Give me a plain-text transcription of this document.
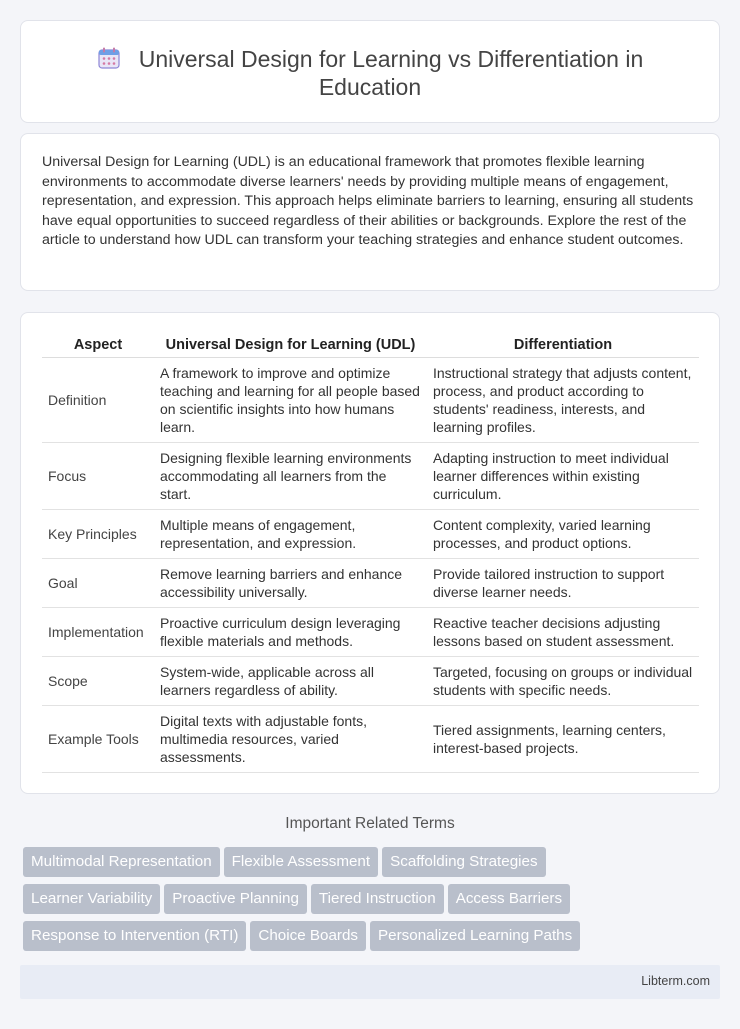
Universal Design for Learning vs Differentiation in Education
Universal Design for Learning (UDL) is an educational framework that promotes flexible learning environments to accommodate diverse learners' needs by providing multiple means of engagement, representation, and expression. This approach helps eliminate barriers to learning, ensuring all students have equal opportunities to succeed regardless of their abilities or backgrounds. Explore the rest of the article to understand how UDL can transform your teaching strategies and enhance student outcomes.
Aspect	Universal Design for Learning (UDL)	Differentiation
Definition	A framework to improve and optimize teaching and learning for all people based on scientific insights into how humans learn.	Instructional strategy that adjusts content, process, and product according to students' readiness, interests, and learning profiles.
Focus	Designing flexible learning environments accommodating all learners from the start.	Adapting instruction to meet individual learner differences within existing curriculum.
Key Principles	Multiple means of engagement, representation, and expression.	Content complexity, varied learning processes, and product options.
Goal	Remove learning barriers and enhance accessibility universally.	Provide tailored instruction to support diverse learner needs.
Implementation	Proactive curriculum design leveraging flexible materials and methods.	Reactive teacher decisions adjusting lessons based on student assessment.
Scope	System-wide, applicable across all learners regardless of ability.	Targeted, focusing on groups or individual students with specific needs.
Example Tools	Digital texts with adjustable fonts, multimedia resources, varied assessments.	Tiered assignments, learning centers, interest-based projects.
Important Related Terms
Multimodal Representation Flexible Assessment Scaffolding Strategies
Learner Variability Proactive Planning Tiered Instruction Access Barriers
Response to Intervention (RTI) Choice Boards Personalized Learning Paths
Libterm.com
